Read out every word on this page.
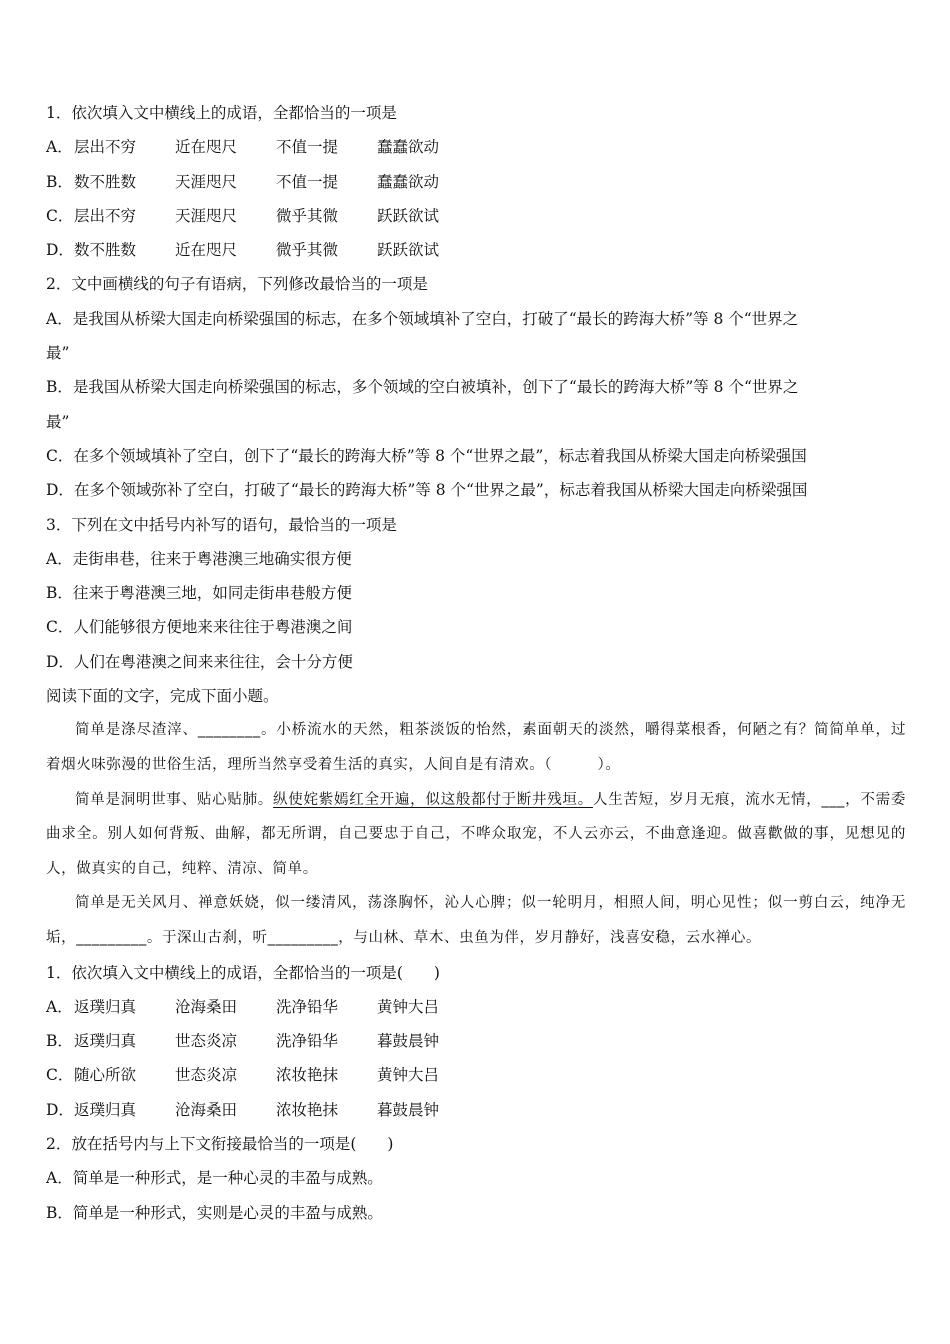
1．依次填入文中横线上的成语，全都恰当的一项是
A． 层出不穷	近在咫尺	不值一提	蠢蠢欲动
B． 数不胜数	天涯咫尺	不值一提	蠢蠢欲动
C． 层出不穷	天涯咫尺	微乎其微	跃跃欲试
D． 数不胜数	近在咫尺	微乎其微	跃跃欲试
2．文中画横线的句子有语病，下列修改最恰当的一项是
A．是我国从桥梁大国走向桥梁强国的标志，在多个领域填补了空白，打破了“最长的跨海大桥”等 8 个“世界之
最”
B．是我国从桥梁大国走向桥梁强国的标志，多个领域的空白被填补，创下了“最长的跨海大桥”等 8 个“世界之
最”
C．在多个领域填补了空白，创下了“最长的跨海大桥”等 8 个“世界之最”，标志着我国从桥梁大国走向桥梁强国
D．在多个领域弥补了空白，打破了“最长的跨海大桥”等 8 个“世界之最”，标志着我国从桥梁大国走向桥梁强国
3．下列在文中括号内补写的语句，最恰当的一项是
A．走街串巷，往来于粤港澳三地确实很方便
B．往来于粤港澳三地，如同走街串巷般方便
C．人们能够很方便地来来往往于粤港澳之间
D．人们在粤港澳之间来来往往，会十分方便
阅读下面的文字，完成下面小题。
简单是涤尽渣滓、________。小桥流水的天然，粗茶淡饭的怡然，素面朝天的淡然，嚼得菜根香，何陋之有？简简单单，过着烟火味弥漫的世俗生活，理所当然享受着生活的真实，人间自是有清欢。（　　　）。
简单是洞明世事、贴心贴肺。纵使姹紫嫣红全开遍，似这般都付于断井残垣。人生苦短，岁月无痕，流水无情，___，不需委曲求全。别人如何背叛、曲解，都无所谓，自己要忠于自己，不哗众取宠，不人云亦云，不曲意逢迎。做喜歡做的事，见想见的人，做真实的自己，纯粹、清凉、简单。
简单是无关风月、禅意妖娆，似一缕清风，荡涤胸怀，沁人心脾；似一轮明月，相照人间，明心见性；似一剪白云，纯净无垢，_________。于深山古刹，听_________，与山林、草木、虫鱼为伴，岁月静好，浅喜安稳，云水禅心。
1．依次填入文中横线上的成语，全都恰当的一项是(　　)
A． 返璞归真	沧海桑田	洗净铅华	黄钟大吕
B． 返璞归真	世态炎凉	洗净铅华	暮鼓晨钟
C． 随心所欲	世态炎凉	浓妆艳抹	黄钟大吕
D． 返璞归真	沧海桑田	浓妆艳抹	暮鼓晨钟
2．放在括号内与上下文衔接最恰当的一项是(　　)
A．简单是一种形式，是一种心灵的丰盈与成熟。
B．简单是一种形式，实则是心灵的丰盈与成熟。
